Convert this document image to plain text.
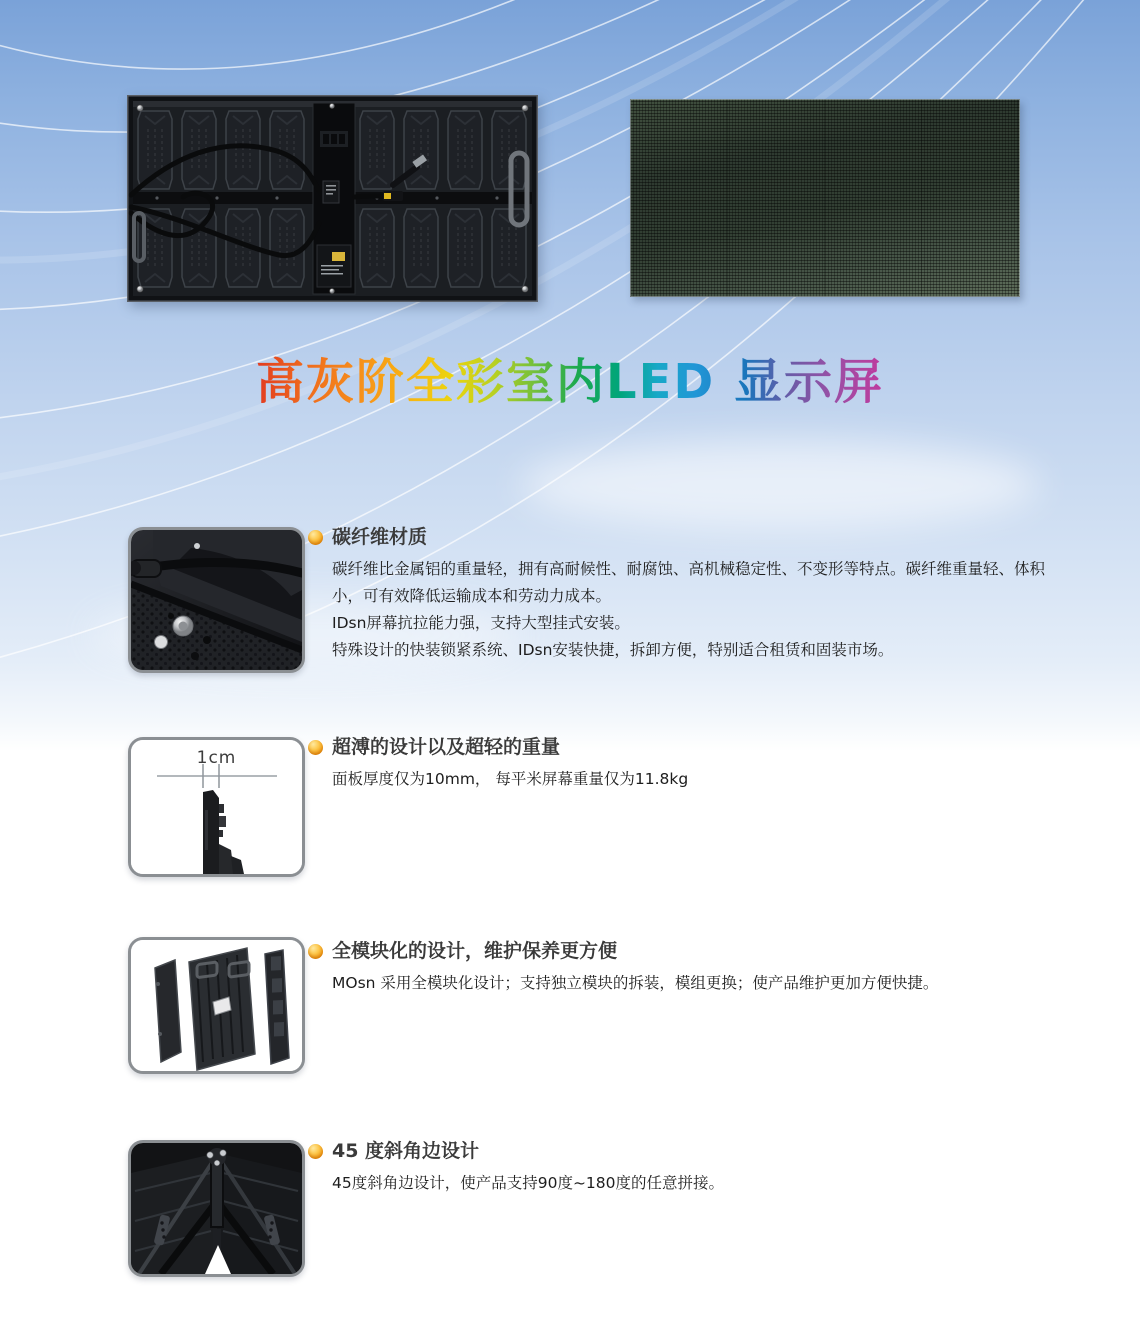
高灰阶全彩室内LED 显示屏
碳纤维材质
碳纤维比金属铝的重量轻，拥有高耐候性、耐腐蚀、高机械稳定性、不变形等特点。碳纤维重量轻、体积
小，可有效降低运输成本和劳动力成本。
IDsn屏幕抗拉能力强，支持大型挂式安装。
特殊设计的快装锁紧系统、IDsn安装快捷，拆卸方便，特别适合租赁和固装市场。
1cm	超溥的设计以及超轻的重量
面板厚度仅为10mm， 每平米屏幕重量仅为11.8kg
全模块化的设计，维护保养更方便
MOsn 采用全模块化设计；支持独立模块的拆装，模组更换；使产品维护更加方便快捷。
45 度斜角边设计
45度斜角边设计，使产品支持90度~180度的任意拼接。
